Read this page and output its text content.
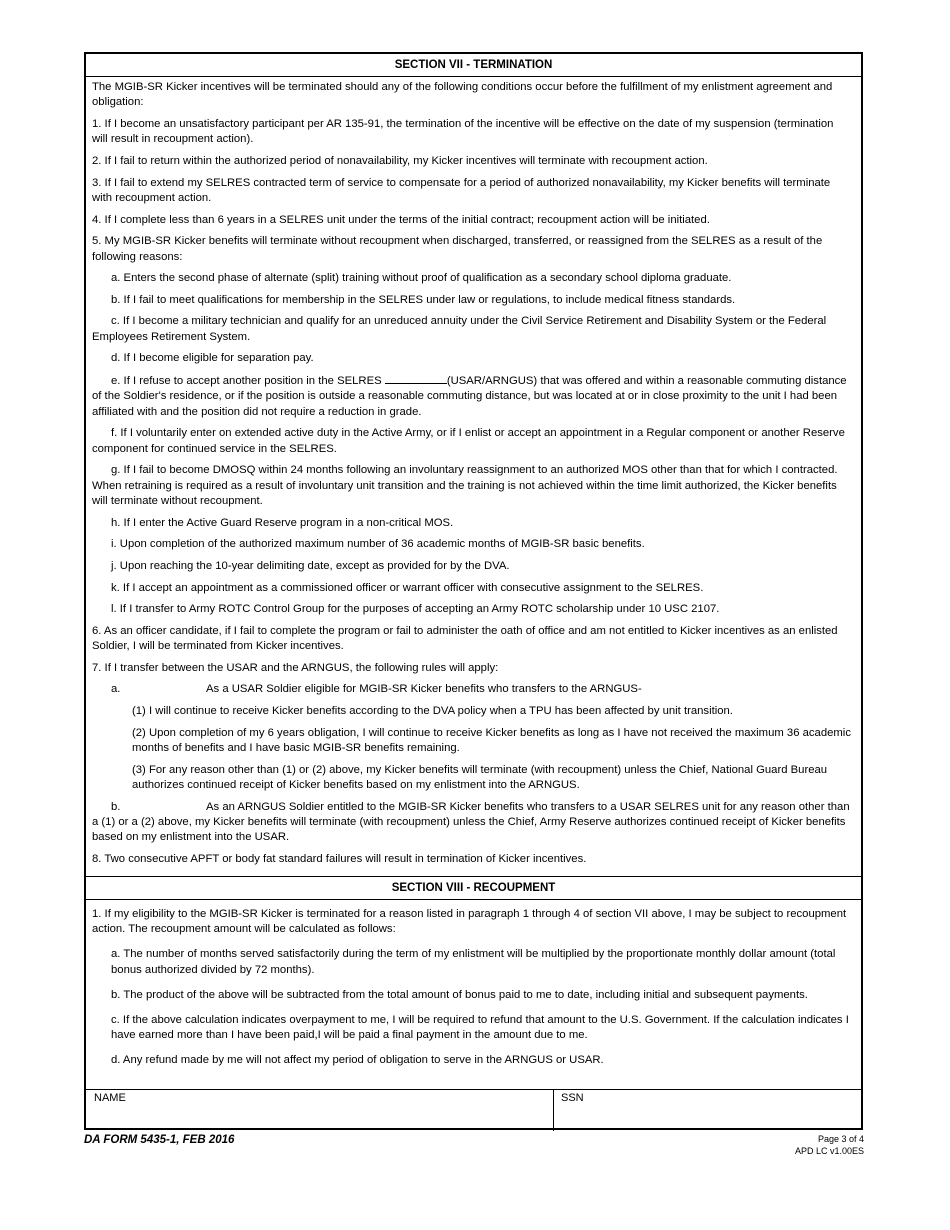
SECTION VII - TERMINATION

The MGIB-SR Kicker incentives will be terminated should any of the following conditions occur before the fulfillment of my enlistment agreement and obligation:

1. If I become an unsatisfactory participant per AR 135-91, the termination of the incentive will be effective on the date of my suspension (termination will result in recoupment action).

2. If I fail to return within the authorized period of nonavailability, my Kicker incentives will terminate with recoupment action.

3. If I fail to extend my SELRES contracted term of service to compensate for a period of authorized nonavailability, my Kicker benefits will terminate with recoupment action.

4. If I complete less than 6 years in a SELRES unit under the terms of the initial contract; recoupment action will be initiated.

5. My MGIB-SR Kicker benefits will terminate without recoupment when discharged, transferred, or reassigned from the SELRES as a result of the following reasons:

a. Enters the second phase of alternate (split) training without proof of qualification as a secondary school diploma graduate.

b. If I fail to meet qualifications for membership in the SELRES under law or regulations, to include medical fitness standards.

c. If I become a military technician and qualify for an unreduced annuity under the Civil Service Retirement and Disability System or the Federal Employees Retirement System.

d. If I become eligible for separation pay.

e. If I refuse to accept another position in the SELRES	(USAR/ARNGUS) that was offered and within a reasonable commuting distance of the Soldier's residence, or if the position is outside a reasonable commuting distance, but was located at or in close proximity to the unit I had been affiliated with and the position did not require a reduction in grade.

f. If I voluntarily enter on extended active duty in the Active Army, or if I enlist or accept an appointment in a Regular component or another Reserve component for continued service in the SELRES.

g. If I fail to become DMOSQ within 24 months following an involuntary reassignment to an authorized MOS other than that for which I contracted. When retraining is required as a result of involuntary unit transition and the training is not achieved within the time limit authorized, the Kicker benefits will terminate without recoupment.

h. If I enter the Active Guard Reserve program in a non-critical MOS.

i. Upon completion of the authorized maximum number of 36 academic months of MGIB-SR basic benefits.

j. Upon reaching the 10-year delimiting date, except as provided for by the DVA.

k. If I accept an appointment as a commissioned officer or warrant officer with consecutive assignment to the SELRES.

l. If I transfer to Army ROTC Control Group for the purposes of accepting an Army ROTC scholarship under 10 USC 2107.

6. As an officer candidate, if I fail to complete the program or fail to administer the oath of office and am not entitled to Kicker incentives as an enlisted Soldier, I will be terminated from Kicker incentives.

7. If I transfer between the USAR and the ARNGUS, the following rules will apply:

a.	As a USAR Soldier eligible for MGIB-SR Kicker benefits who transfers to the ARNGUS-

(1) I will continue to receive Kicker benefits according to the DVA policy when a TPU has been affected by unit transition.

(2) Upon completion of my 6 years obligation, I will continue to receive Kicker benefits as long as I have not received the maximum 36 academic months of benefits and I have basic MGIB-SR benefits remaining.

(3) For any reason other than (1) or (2) above, my Kicker benefits will terminate (with recoupment) unless the Chief, National Guard Bureau authorizes continued receipt of Kicker benefits based on my enlistment into the ARNGUS.

b.	As an ARNGUS Soldier entitled to the MGIB-SR Kicker benefits who transfers to a USAR SELRES unit for any reason other than a (1) or a (2) above, my Kicker benefits will terminate (with recoupment) unless the Chief, Army Reserve authorizes continued receipt of Kicker benefits based on my enlistment into the USAR.

8. Two consecutive APFT or body fat standard failures will result in termination of Kicker incentives.

SECTION VIII - RECOUPMENT

1. If my eligibility to the MGIB-SR Kicker is terminated for a reason listed in paragraph 1 through 4 of section VII above, I may be subject to recoupment action. The recoupment amount will be calculated as follows:

a. The number of months served satisfactorily during the term of my enlistment will be multiplied by the proportionate monthly dollar amount (total bonus authorized divided by 72 months).

b. The product of the above will be subtracted from the total amount of bonus paid to me to date, including initial and subsequent payments.

c. If the above calculation indicates overpayment to me, I will be required to refund that amount to the U.S. Government. If the calculation indicates I have earned more than I have been paid,I will be paid a final payment in the amount due to me.

d. Any refund made by me will not affect my period of obligation to serve in the ARNGUS or USAR.

NAME	SSN
DA FORM 5435-1, FEB 2016	Page 3 of 4
APD LC v1.00ES
